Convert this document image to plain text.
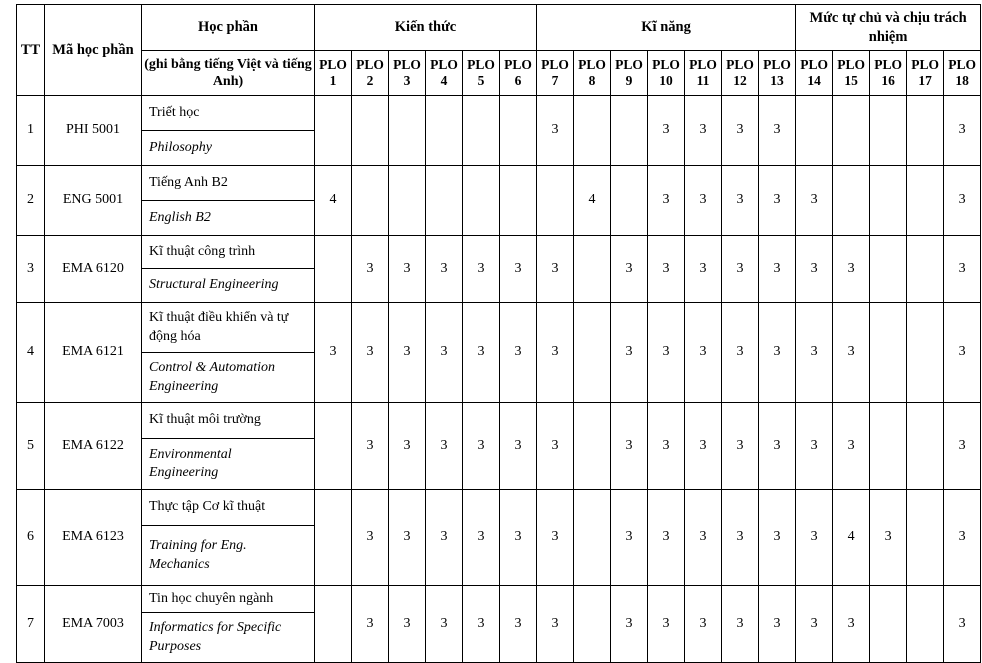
TT	Mã học phần	Học phần	Kiến thức						Kĩ năng							Mức tự chủ và chịu trách nhiệm				
		(ghi bằng tiếng Việt và tiếng Anh)	PLO 1	PLO 2	PLO 3	PLO 4	PLO 5	PLO 6	PLO 7	PLO 8	PLO 9	PLO 10	PLO 11	PLO 12	PLO 13	PLO 14	PLO 15	PLO 16	PLO 17	PLO 18
1	PHI 5001	Triết học							3			3	3	3	3					3
		Philosophy																		
2	ENG 5001	Tiếng Anh B2	4							4		3	3	3	3	3				3
		English B2																		
3	EMA 6120	Kĩ thuật công trình		3	3	3	3	3	3		3	3	3	3	3	3	3			3
		Structural Engineering																		
4	EMA 6121	Kĩ thuật điều khiển và tự động hóa	3	3	3	3	3	3	3		3	3	3	3	3	3	3			3
		Control & Automation Engineering																		
5	EMA 6122	Kĩ thuật môi trường		3	3	3	3	3	3		3	3	3	3	3	3	3			3
		Environmental Engineering																		
6	EMA 6123	Thực tập Cơ kĩ thuật		3	3	3	3	3	3		3	3	3	3	3	3	4	3		3
		Training for Eng. Mechanics																		
7	EMA 7003	Tin học chuyên ngành		3	3	3	3	3	3		3	3	3	3	3	3	3			3
		Informatics for Specific Purposes																		
